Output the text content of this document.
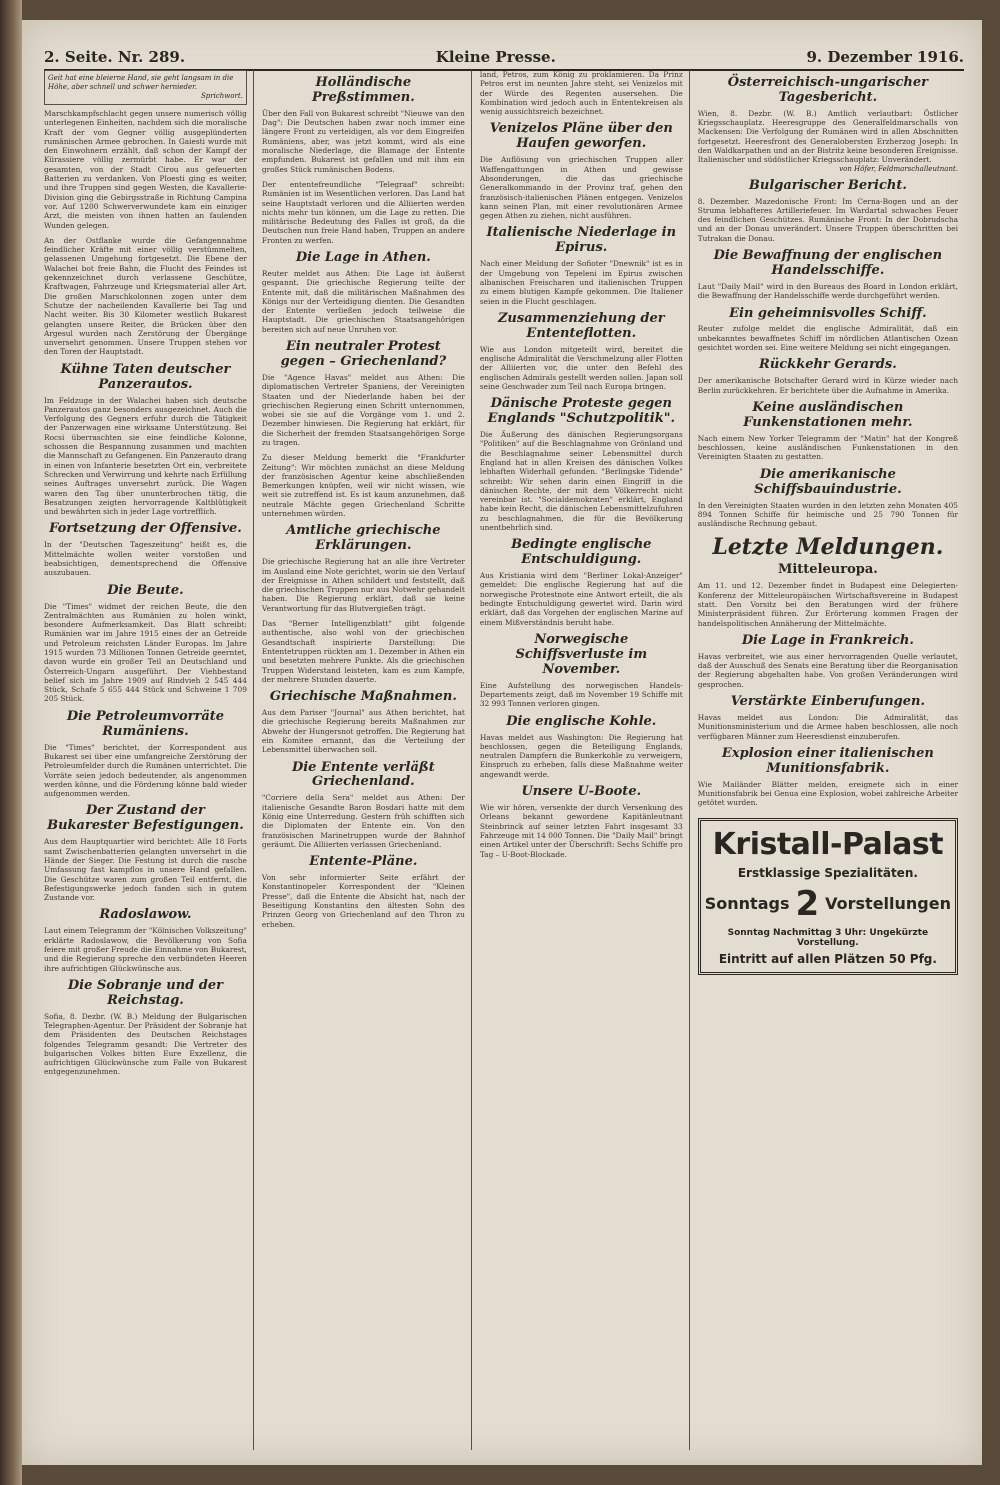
2. Seite. Nr. 289.	Kleine Presse.	9. Dezember 1916.
Geit hat eine bleierne Hand, sie geht langsam in die Höhe, aber schnell und schwer hernieder.
Sprichwort.
Marschkampfschlacht gegen unsere numerisch völlig unterlegenen Einheiten, nachdem sich die moralische Kraft der vom Gegner völlig ausgeplünderten rumänischen Armee gebrochen. In Gaiesti wurde mit den Einwohnern erzählt, daß schon der Kampf der Kürassiere völlig zermürbt habe. Er war der gesamten, von der Stadt Cirou aus gefeuerten Batterien zu verdanken. Von Ploesti ging es weiter, und ihre Truppen sind gegen Westen, die Kavallerie-Division ging die Gebirgsstraße in Richtung Campina vor. Auf 1200 Schwerverwundete kam ein einziger Arzt, die meisten von ihnen hatten an faulenden Wunden gelegen.
An der Ostflanke wurde die Gefangennahme feindlicher Kräfte mit einer völlig verstümmelten, gelassenen Umgehung fortgesetzt. Die Ebene der Walachei bot freie Bahn, die Flucht des Feindes ist gekennzeichnet durch verlassene Geschütze, Kraftwagen, Fahrzeuge und Kriegsmaterial aller Art. Die großen Marschkolonnen zogen unter dem Schutze der nacheilenden Kavallerie bei Tag und Nacht weiter. Bis 30 Kilometer westlich Bukarest gelangten unsere Reiter, die Brücken über den Argesul wurden nach Zerstörung der Übergänge unversehrt genommen. Unsere Truppen stehen vor den Toren der Hauptstadt.
Kühne Taten deutscher Panzerautos.
Im Feldzuge in der Walachei haben sich deutsche Panzerautos ganz besonders ausgezeichnet. Auch die Verfolgung des Gegners erfuhr durch die Tätigkeit der Panzerwagen eine wirksame Unterstützung. Bei Rocsi überraschten sie eine feindliche Kolonne, schossen die Bespannung zusammen und machten die Mannschaft zu Gefangenen. Ein Panzerauto drang in einen von Infanterie besetzten Ort ein, verbreitete Schrecken und Verwirrung und kehrte nach Erfüllung seines Auftrages unversehrt zurück. Die Wagen waren den Tag über ununterbrochen tätig, die Besatzungen zeigten hervorragende Kaltblütigkeit und bewährten sich in jeder Lage vortrefflich.
Fortsetzung der Offensive.
In der "Deutschen Tageszeitung" heißt es, die Mittelmächte wollen weiter vorstoßen und beabsichtigen, dementsprechend die Offensive auszubauen.
Die Beute.
Die "Times" widmet der reichen Beute, die den Zentralmächten aus Rumänien zu holen winkt, besondere Aufmerksamkeit. Das Blatt schreibt: Rumänien war im Jahre 1915 eines der an Getreide und Petroleum reichsten Länder Europas. Im Jahre 1915 wurden 73 Millionen Tonnen Getreide geerntet, davon wurde ein großer Teil an Deutschland und Österreich-Ungarn ausgeführt. Der Viehbestand belief sich im Jahre 1909 auf Rindvieh 2 545 444 Stück, Schafe 5 655 444 Stück und Schweine 1 709 205 Stück.
Die Petroleumvorräte Rumäniens.
Die "Times" berichtet, der Korrespondent aus Bukarest sei über eine umfangreiche Zerstörung der Petroleumfelder durch die Rumänen unterrichtet. Die Vorräte seien jedoch bedeutender, als angenommen werden könne, und die Förderung könne bald wieder aufgenommen werden.
Der Zustand der Bukarester Befestigungen.
Aus dem Hauptquartier wird berichtet: Alle 18 Forts samt Zwischenbatterien gelangten unversehrt in die Hände der Sieger. Die Festung ist durch die rasche Umfassung fast kampflos in unsere Hand gefallen. Die Geschütze waren zum großen Teil entfernt, die Befestigungswerke jedoch fanden sich in gutem Zustande vor.
Radoslawow.
Laut einem Telegramm der "Kölnischen Volkszeitung" erklärte Radoslawow, die Bevölkerung von Sofia feiere mit großer Freude die Einnahme von Bukarest, und die Regierung spreche den verbündeten Heeren ihre aufrichtigen Glückwünsche aus.
Die Sobranje und der Reichstag.
Sofia, 8. Dezbr. (W. B.) Meldung der Bulgarischen Telegraphen-Agentur. Der Präsident der Sobranje hat dem Präsidenten des Deutschen Reichstages folgendes Telegramm gesandt: Die Vertreter des bulgarischen Volkes bitten Eure Exzellenz, die aufrichtigen Glückwünsche zum Falle von Bukarest entgegenzunehmen.
Holländische Preßstimmen.
Über den Fall von Bukarest schreibt "Nieuwe van den Dag": Die Deutschen haben zwar noch immer eine längere Front zu verteidigen, als vor dem Eingreifen Rumäniens, aber, was jetzt kommt, wird als eine moralische Niederlage, die Blamage der Entente empfunden. Bukarest ist gefallen und mit ihm ein großes Stück rumänischen Bodens.
Der ententefreundliche "Telegraaf" schreibt: Rumänien ist im Wesentlichen verloren. Das Land hat seine Hauptstadt verloren und die Alliierten werden nichts mehr tun können, um die Lage zu retten. Die militärische Bedeutung des Falles ist groß, da die Deutschen nun freie Hand haben, Truppen an andere Fronten zu werfen.
Die Lage in Athen.
Reuter meldet aus Athen: Die Lage ist äußerst gespannt. Die griechische Regierung teilte der Entente mit, daß die militärischen Maßnahmen des Königs nur der Verteidigung dienten. Die Gesandten der Entente verließen jedoch teilweise die Hauptstadt. Die griechischen Staatsangehörigen bereiten sich auf neue Unruhen vor.
Ein neutraler Protest gegen – Griechenland?
Die "Agence Havas" meldet aus Athen: Die diplomatischen Vertreter Spaniens, der Vereinigten Staaten und der Niederlande haben bei der griechischen Regierung einen Schritt unternommen, wobei sie sie auf die Vorgänge vom 1. und 2. Dezember hinwiesen. Die Regierung hat erklärt, für die Sicherheit der fremden Staatsangehörigen Sorge zu tragen.
Zu dieser Meldung bemerkt die "Frankfurter Zeitung": Wir möchten zunächst an diese Meldung der französischen Agentur keine abschließenden Bemerkungen knüpfen, weil wir nicht wissen, wie weit sie zutreffend ist. Es ist kaum anzunehmen, daß neutrale Mächte gegen Griechenland Schritte unternehmen würden.
Amtliche griechische Erklärungen.
Die griechische Regierung hat an alle ihre Vertreter im Ausland eine Note gerichtet, worin sie den Verlauf der Ereignisse in Athen schildert und feststellt, daß die griechischen Truppen nur aus Notwehr gehandelt haben. Die Regierung erklärt, daß sie keine Verantwortung für das Blutvergießen trägt.
Das "Berner Intelligenzblatt" gibt folgende authentische, also wohl von der griechischen Gesandtschaft inspirierte Darstellung: Die Ententetruppen rückten am 1. Dezember in Athen ein und besetzten mehrere Punkte. Als die griechischen Truppen Widerstand leisteten, kam es zum Kampfe, der mehrere Stunden dauerte.
Griechische Maßnahmen.
Aus dem Pariser "Journal" aus Athen berichtet, hat die griechische Regierung bereits Maßnahmen zur Abwehr der Hungersnot getroffen. Die Regierung hat ein Komitee ernannt, das die Verteilung der Lebensmittel überwachen soll.
Die Entente verläßt Griechenland.
"Corriere della Sera" meldet aus Athen: Der italienische Gesandte Baron Bosdari hatte mit dem König eine Unterredung. Gestern früh schifften sich die Diplomaten der Entente ein. Von den französischen Marinetruppen wurde der Bahnhof geräumt. Die Alliierten verlassen Griechenland.
Entente-Pläne.
Von sehr informierter Seite erfährt der Konstantinopeler Korrespondent der "Kleinen Presse", daß die Entente die Absicht hat, nach der Beseitigung Konstantins den ältesten Sohn des Prinzen Georg von Griechenland auf den Thron zu erheben.
land, Petros, zum König zu proklamieren. Da Prinz Petros erst im neunten Jahre steht, sei Venizelos mit der Würde des Regenten ausersehen. Die Kombination wird jedoch auch in Ententekreisen als wenig aussichtsreich bezeichnet.
Venizelos Pläne über den Haufen geworfen.
Die Auflösung von griechischen Truppen aller Waffengattungen in Athen und gewisse Absonderungen, die das griechische Generalkommando in der Provinz traf, gehen den französisch-italienischen Plänen entgegen. Venizelos kann seinen Plan, mit einer revolutionären Armee gegen Athen zu ziehen, nicht ausführen.
Italienische Niederlage in Epirus.
Nach einer Meldung der Sofioter "Dnewnik" ist es in der Umgebung von Tepeleni im Epirus zwischen albanischen Freischaren und italienischen Truppen zu einem blutigen Kampfe gekommen. Die Italiener seien in die Flucht geschlagen.
Zusammenziehung der Ententeflotten.
Wie aus London mitgeteilt wird, bereitet die englische Admiralität die Verschmelzung aller Flotten der Alliierten vor, die unter den Befehl des englischen Admirals gestellt werden sollen. Japan soll seine Geschwader zum Teil nach Europa bringen.
Dänische Proteste gegen Englands "Schutzpolitik".
Die Äußerung des dänischen Regierungsorgans "Politiken" auf die Beschlagnahme von Grönland und die Beschlagnahme seiner Lebensmittel durch England hat in allen Kreisen des dänischen Volkes lebhaften Widerhall gefunden. "Berlingske Tidende" schreibt: Wir sehen darin einen Eingriff in die dänischen Rechte, der mit dem Völkerrecht nicht vereinbar ist. "Socialdemokraten" erklärt, England habe kein Recht, die dänischen Lebensmittelzufuhren zu beschlagnahmen, die für die Bevölkerung unentbehrlich sind.
Bedingte englische Entschuldigung.
Aus Kristiania wird dem "Berliner Lokal-Anzeiger" gemeldet: Die englische Regierung hat auf die norwegische Protestnote eine Antwort erteilt, die als bedingte Entschuldigung gewertet wird. Darin wird erklärt, daß das Vorgehen der englischen Marine auf einem Mißverständnis beruht habe.
Norwegische Schiffsverluste im November.
Eine Aufstellung des norwegischen Handels-Departements zeigt, daß im November 19 Schiffe mit 32 993 Tonnen verloren gingen.
Die englische Kohle.
Havas meldet aus Washington: Die Regierung hat beschlossen, gegen die Beteiligung Englands, neutralen Dampfern die Bunkerkohle zu verweigern, Einspruch zu erheben, falls diese Maßnahme weiter angewandt werde.
Unsere U-Boote.
Wie wir hören, versenkte der durch Versenkung des Orleans bekannt gewordene Kapitänleutnant Steinbrinck auf seiner letzten Fahrt insgesamt 33 Fahrzeuge mit 14 000 Tonnen. Die "Daily Mail" bringt einen Artikel unter der Überschrift: Sechs Schiffe pro Tag – U-Boot-Blockade.
Österreichisch-ungarischer Tagesbericht.
Wien, 8. Dezbr. (W. B.) Amtlich verlautbart: Östlicher Kriegsschauplatz. Heeresgruppe des Generalfeldmarschalls von Mackensen: Die Verfolgung der Rumänen wird in allen Abschnitten fortgesetzt. Heeresfront des Generalobersten Erzherzog Joseph: In den Waldkarpathen und an der Bistritz keine besonderen Ereignisse. Italienischer und südöstlicher Kriegsschauplatz: Unverändert.
von Höfer, Feldmarschalleutnant.
Bulgarischer Bericht.
8. Dezember. Mazedonische Front: Im Cerna-Bogen und an der Struma lebhafteres Artilleriefeuer. Im Wardartal schwaches Feuer des feindlichen Geschützes. Rumänische Front: In der Dobrudscha und an der Donau unverändert. Unsere Truppen überschritten bei Tutrakan die Donau.
Die Bewaffnung der englischen Handelsschiffe.
Laut "Daily Mail" wird in den Bureaus des Board in London erklärt, die Bewaffnung der Handelsschiffe werde durchgeführt werden.
Ein geheimnisvolles Schiff.
Reuter zufolge meldet die englische Admiralität, daß ein unbekanntes bewaffnetes Schiff im nördlichen Atlantischen Ozean gesichtet worden sei. Eine weitere Meldung sei nicht eingegangen.
Rückkehr Gerards.
Der amerikanische Botschafter Gerard wird in Kürze wieder nach Berlin zurückkehren. Er berichtete über die Aufnahme in Amerika.
Keine ausländischen Funkenstationen mehr.
Nach einem New Yorker Telegramm der "Matin" hat der Kongreß beschlossen, keine ausländischen Funkenstationen in den Vereinigten Staaten zu gestatten.
Die amerikanische Schiffsbauindustrie.
In den Vereinigten Staaten wurden in den letzten zehn Monaten 405 894 Tonnen Schiffe für heimische und 25 790 Tonnen für ausländische Rechnung gebaut.
Letzte Meldungen.
Mitteleuropa.
Am 11. und 12. Dezember findet in Budapest eine Delegierten-Konferenz der Mitteleuropäischen Wirtschaftsvereine in Budapest statt. Den Vorsitz bei den Beratungen wird der frühere Ministerpräsident führen. Zur Erörterung kommen Fragen der handelspolitischen Annäherung der Mittelmächte.
Die Lage in Frankreich.
Havas verbreitet, wie aus einer hervorragenden Quelle verlautet, daß der Ausschuß des Senats eine Beratung über die Reorganisation der Regierung abgehalten habe. Von großen Veränderungen wird gesprochen.
Verstärkte Einberufungen.
Havas meldet aus London: Die Admiralität, das Munitionsministerium und die Armee haben beschlossen, alle noch verfügbaren Männer zum Heeresdienst einzuberufen.
Explosion einer italienischen Munitionsfabrik.
Wie Mailänder Blätter melden, ereignete sich in einer Munitionsfabrik bei Genua eine Explosion, wobei zahlreiche Arbeiter getötet wurden.
Kristall-Palast
Erstklassige Spezialitäten.
Sonntags 2 Vorstellungen
Sonntag Nachmittag 3 Uhr: Ungekürzte Vorstellung.
Eintritt auf allen Plätzen 50 Pfg.
